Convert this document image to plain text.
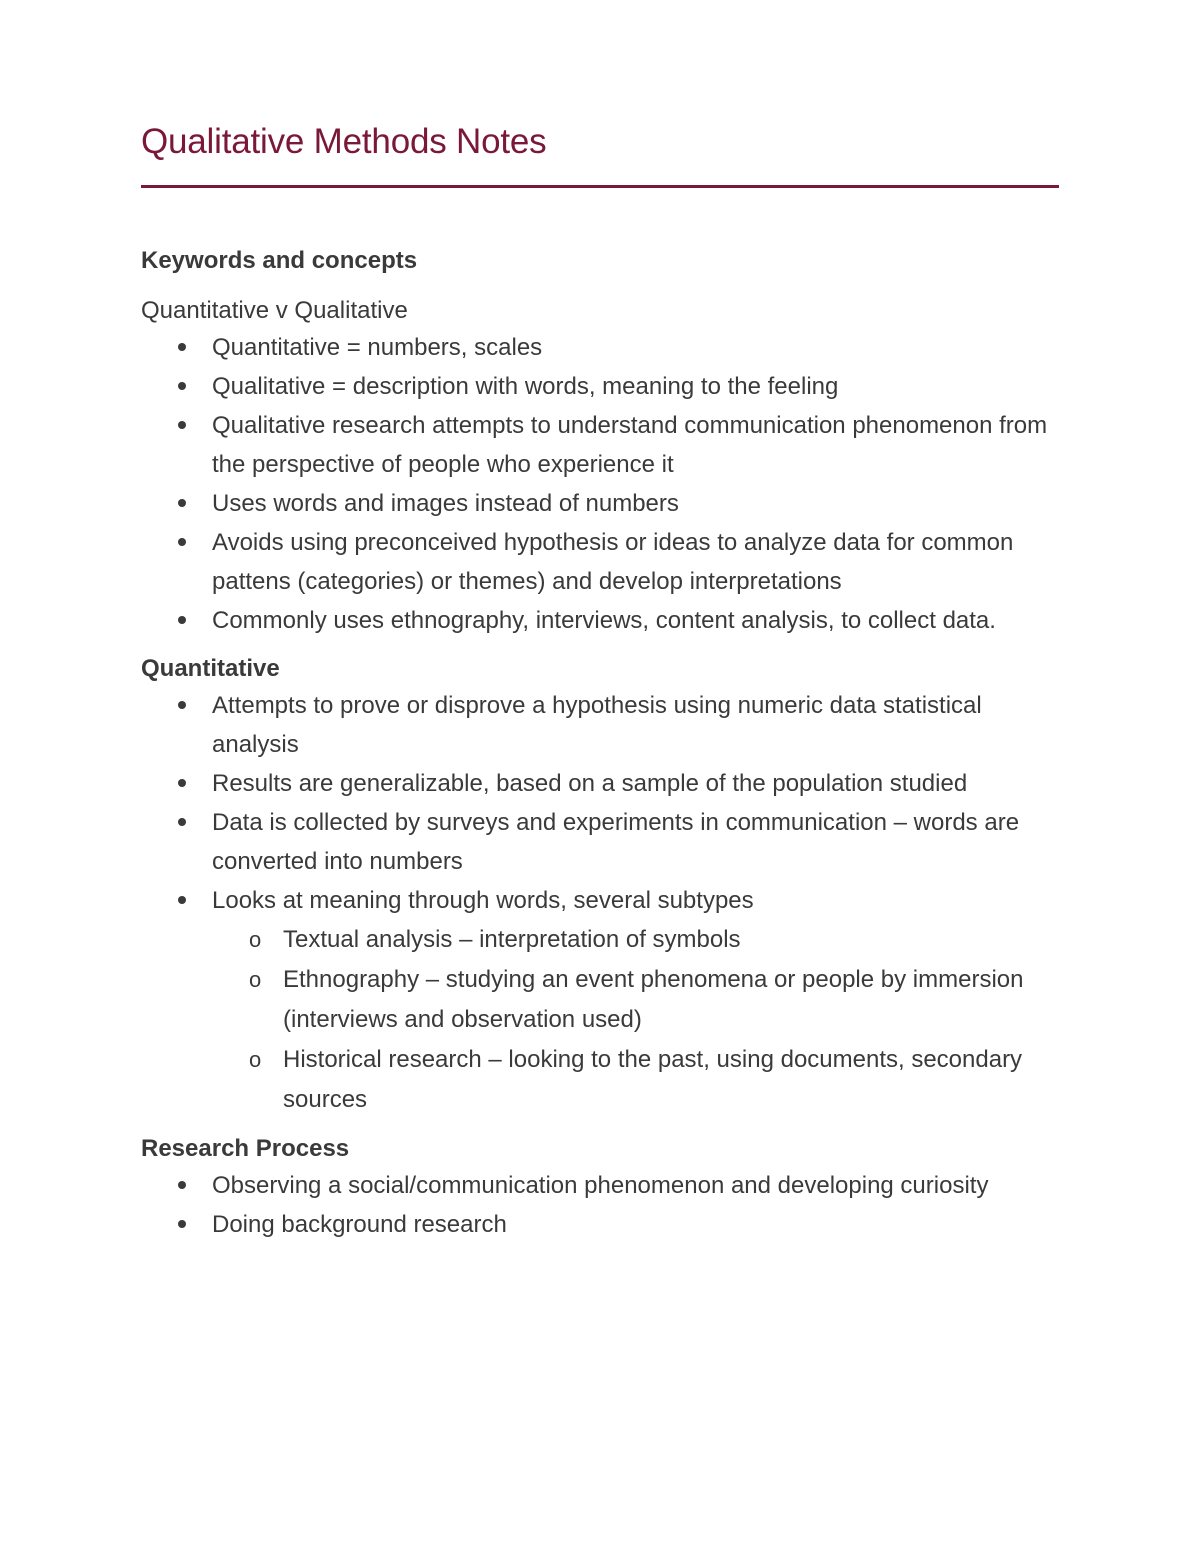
Qualitative Methods Notes
Keywords and concepts

Quantitative v Qualitative

Quantitative = numbers, scales
Qualitative = description with words, meaning to the feeling
Qualitative research attempts to understand communication phenomenon from the perspective of people who experience it
Uses words and images instead of numbers
Avoids using preconceived hypothesis or ideas to analyze data for common pattens (categories) or themes) and develop interpretations
Commonly uses ethnography, interviews, content analysis, to collect data.
Quantitative
Attempts to prove or disprove a hypothesis using numeric data statistical analysis
Results are generalizable, based on a sample of the population studied
Data is collected by surveys and experiments in communication – words are converted into numbers
Looks at meaning through words, several subtypes
o Textual analysis – interpretation of symbols
o Ethnography – studying an event phenomena or people by immersion (interviews and observation used)
o Historical research – looking to the past, using documents, secondary sources
Research Process
Observing a social/communication phenomenon and developing curiosity
Doing background research
